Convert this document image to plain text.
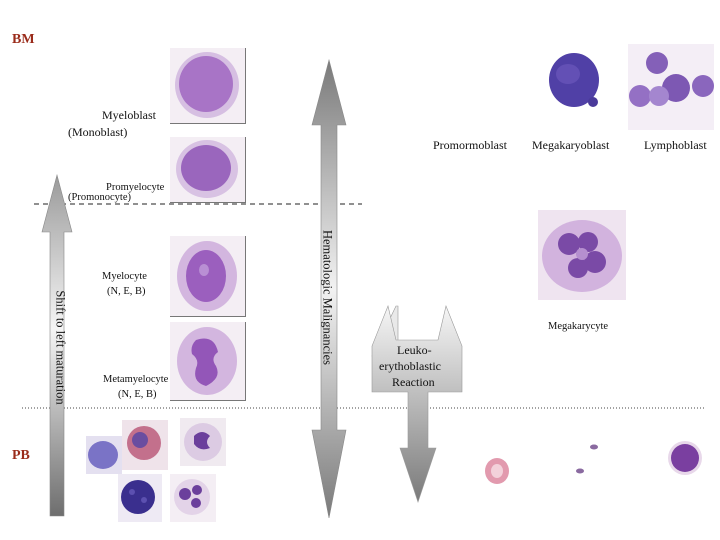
BM
PB
Myeloblast
(Monoblast)
Promyelocyte
(Promonocyte)
Myelocyte
(N, E, B)
Metamyelocyte
(N, E, B)
Promormoblast Megakaryoblast	Lymphoblast
Megakarycyte
Leuko-
erythoblastic
Reaction
Shift to left maturation	Hematologic Malignancies
